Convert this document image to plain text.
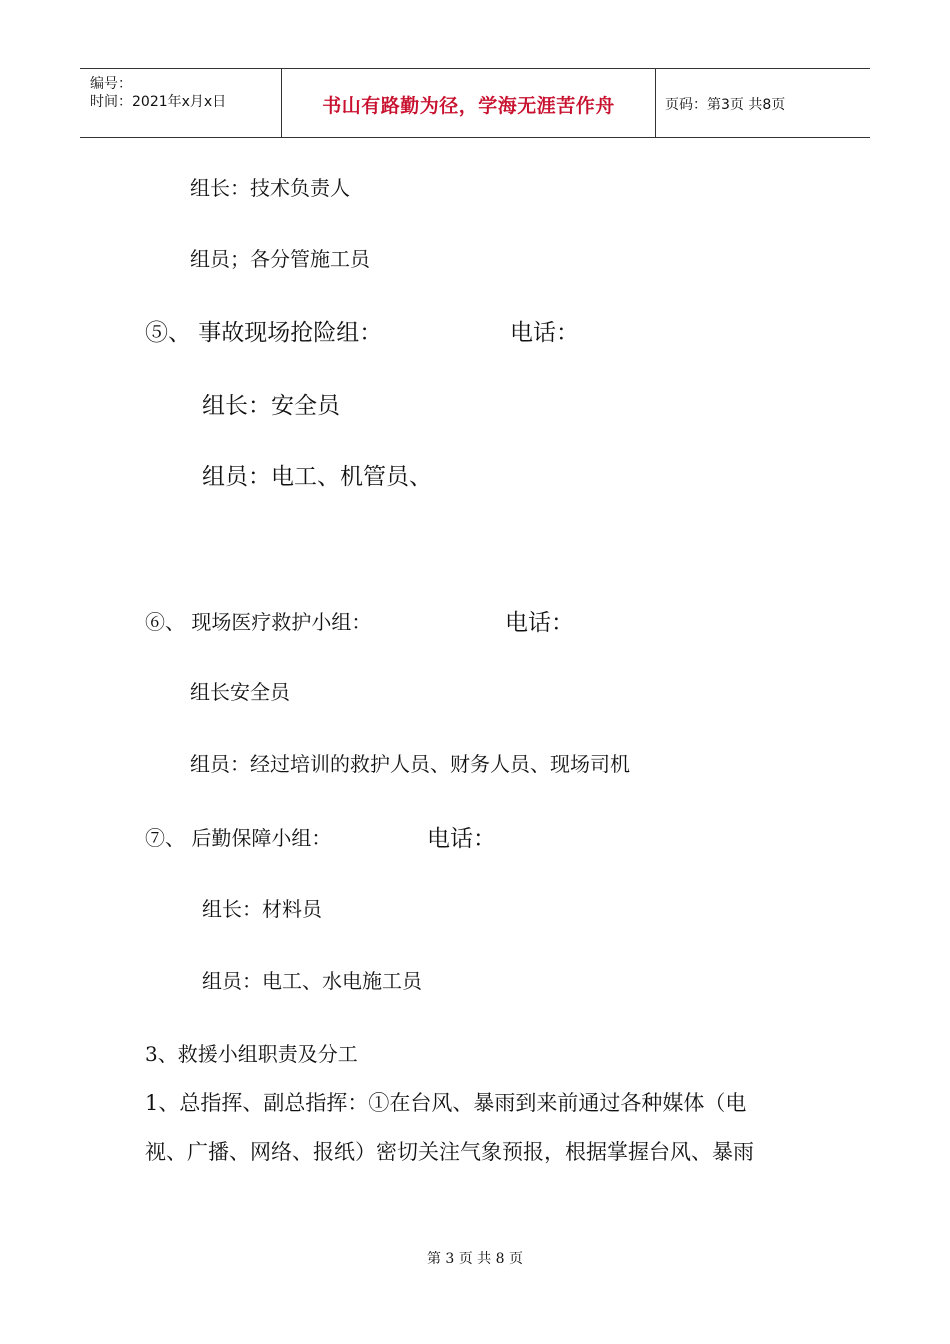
编号：
时间：2021年x月x日	书山有路勤为径，学海无涯苦作舟	页码：第3页 共8页
组长：技术负责人
组员；各分管施工员
⑤、 事故现场抢险组：	电话：
组长：安全员
组员：电工、机管员、
⑥、 现场医疗救护小组：	电话：
组长安全员
组员：经过培训的救护人员、财务人员、现场司机
⑦、 后勤保障小组：	电话：
组长：材料员
组员：电工、水电施工员
3、救援小组职责及分工
1、总指挥、副总指挥：①在台风、暴雨到来前通过各种媒体（电
视、广播、网络、报纸）密切关注气象预报，根据掌握台风、暴雨
第 3 页 共 8 页
